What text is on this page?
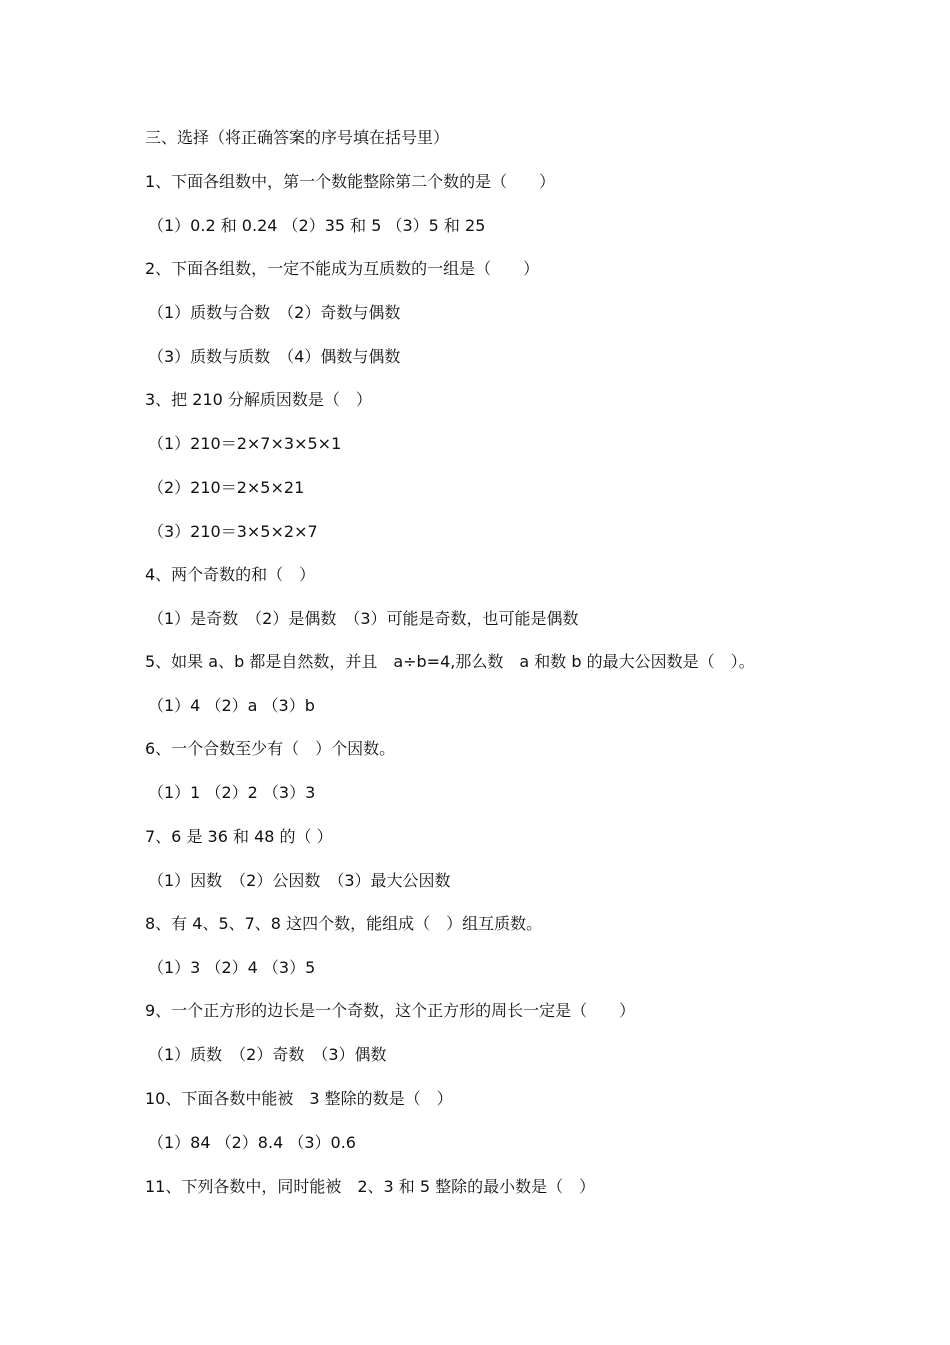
三、选择（将正确答案的序号填在括号里）
1、下面各组数中，第一个数能整除第二个数的是（　　）
（1）0.2 和 0.24 （2）35 和 5 （3）5 和 25
2、下面各组数，一定不能成为互质数的一组是（　　）
（1）质数与合数　（2）奇数与偶数
（3）质数与质数　（4）偶数与偶数
3、把 210 分解质因数是（　）
（1）210＝2×7×3×5×1
（2）210＝2×5×21
（3）210＝3×5×2×7
4、两个奇数的和（　）
（1）是奇数　（2）是偶数　（3）可能是奇数，也可能是偶数
5、如果 a、b 都是自然数，并且　a÷b=4,那么数　a 和数 b 的最大公因数是（　）。
（1）4 （2）a （3）b
6、一个合数至少有（　）个因数。
（1）1 （2）2 （3）3
7、6 是 36 和 48 的（ ）
（1）因数　（2）公因数　（3）最大公因数
8、有 4、5、7、8 这四个数，能组成（　）组互质数。
（1）3 （2）4 （3）5
9、一个正方形的边长是一个奇数，这个正方形的周长一定是（　　）
（1）质数　（2）奇数　（3）偶数
10、下面各数中能被　3 整除的数是（　）
（1）84 （2）8.4 （3）0.6
11、下列各数中，同时能被　2、3 和 5 整除的最小数是（　）
